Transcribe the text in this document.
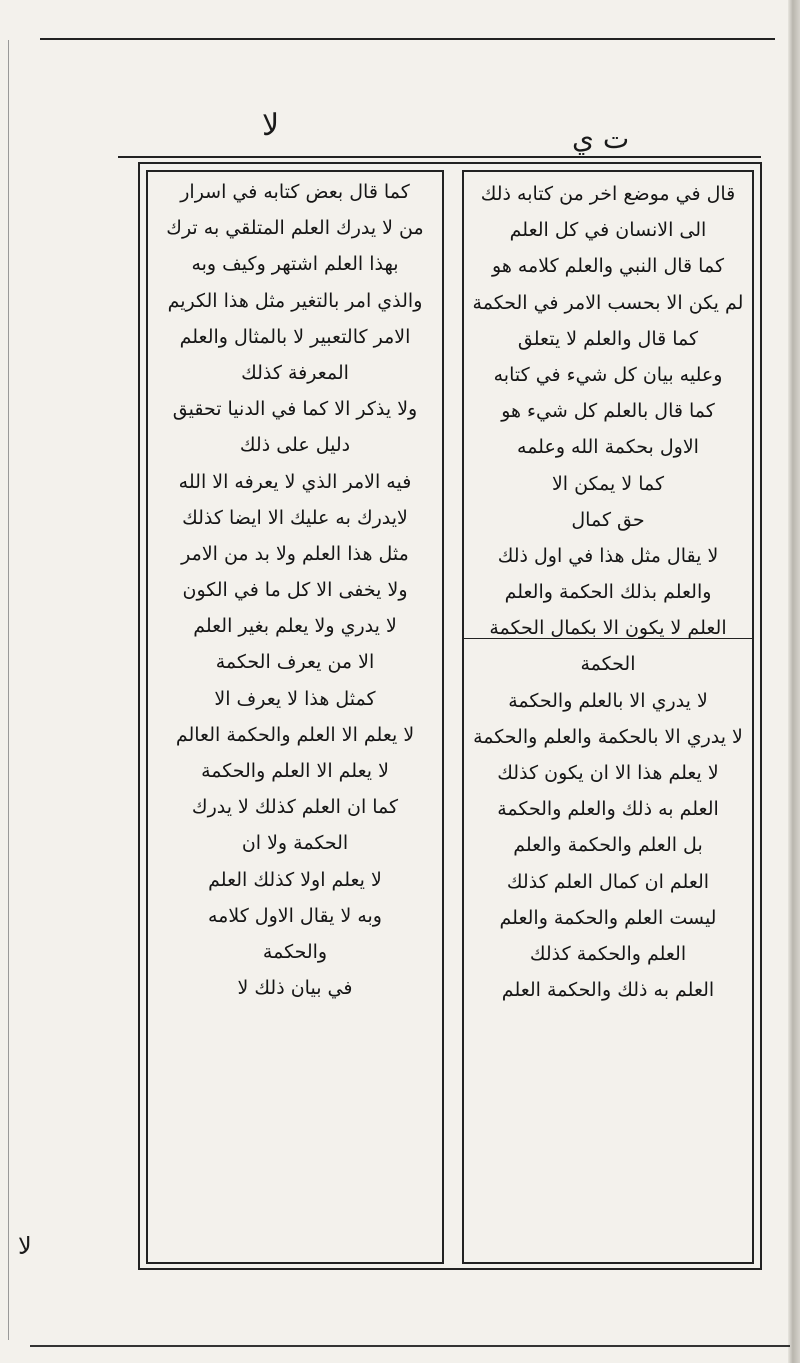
لا	ت ي
كما قال بعض كتابه في اسرار
من لا يدرك العلم المتلقي به ترك
بهذا العلم اشتهر وكيف وبه
والذي امر بالتغير مثل هذا الكريم
الامر كالتعبير لا بالمثال والعلم
المعرفة كذلك
ولا يذكر الا كما في الدنيا تحقيق
دليل على ذلك
فيه الامر الذي لا يعرفه الا الله
لايدرك به عليك الا ايضا كذلك
مثل هذا العلم ولا بد من الامر
ولا يخفى الا كل ما في الكون
لا يدري ولا يعلم بغير العلم
الا من يعرف الحكمة
كمثل هذا لا يعرف الا
لا يعلم الا العلم والحكمة العالم
لا يعلم الا العلم والحكمة
كما ان العلم كذلك لا يدرك
الحكمة ولا ان
لا يعلم اولا كذلك العلم
وبه لا يقال الاول كلامه
والحكمة
في بيان ذلك لا
قال في موضع اخر من كتابه ذلك
الى الانسان في كل العلم
كما قال النبي والعلم كلامه هو
لم يكن الا بحسب الامر في الحكمة
كما قال والعلم لا يتعلق
وعليه بيان كل شيء في كتابه
كما قال بالعلم كل شيء هو
الاول بحكمة الله وعلمه
كما لا يمكن الا
حق كمال
لا يقال مثل هذا في اول ذلك
والعلم بذلك الحكمة والعلم
العلم لا يكون الا بكمال الحكمة
الحكمة
لا يدري الا بالعلم والحكمة
لا يدري الا بالحكمة والعلم والحكمة
لا يعلم هذا الا ان يكون كذلك
العلم به ذلك والعلم والحكمة
بل العلم والحكمة والعلم
العلم ان كمال العلم كذلك
ليست العلم والحكمة والعلم
العلم والحكمة كذلك
العلم به ذلك والحكمة العلم
لا
